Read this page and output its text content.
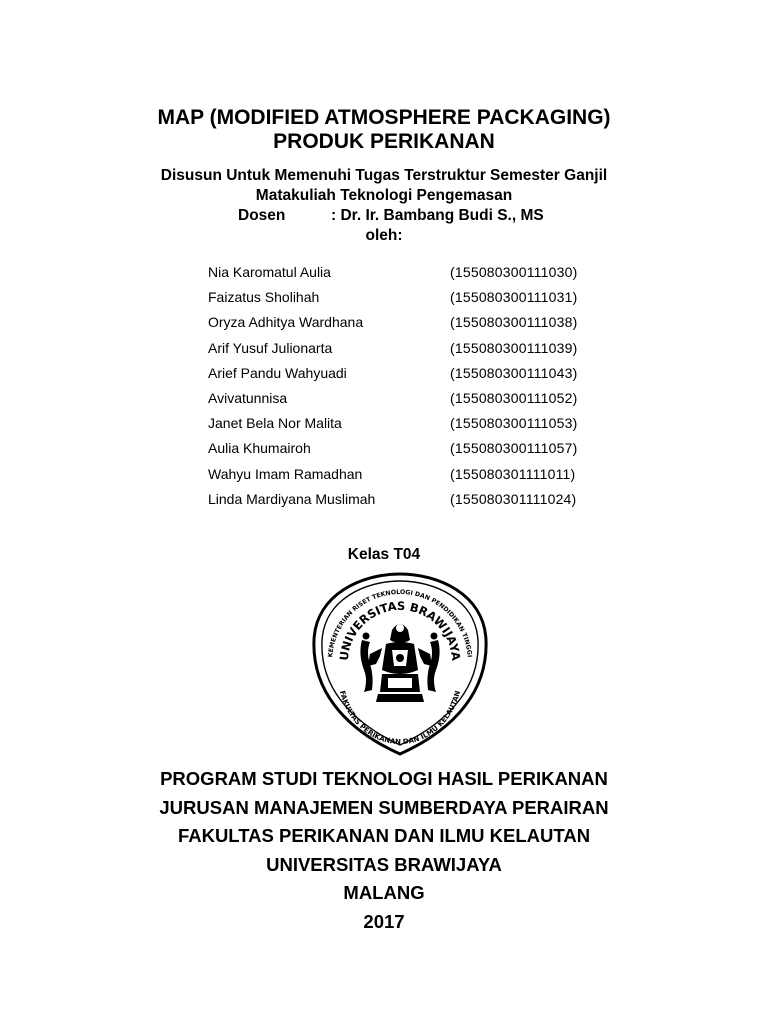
MAP (MODIFIED ATMOSPHERE PACKAGING)
PRODUK PERIKANAN
Disusun Untuk Memenuhi Tugas Terstruktur Semester Ganjil
Matakuliah Teknologi Pengemasan
Dosen	: Dr. Ir. Bambang Budi S., MS
oleh:
Nia Karomatul Aulia	(155080300111030)
Faizatus Sholihah	(155080300111031)
Oryza Adhitya Wardhana	(155080300111038)
Arif Yusuf Julionarta	(155080300111039)
Arief Pandu Wahyuadi	(155080300111043)
Avivatunnisa	(155080300111052)
Janet Bela Nor Malita	(155080300111053)
Aulia Khumairoh	(155080300111057)
Wahyu Imam Ramadhan	(155080301111011)
Linda Mardiyana Muslimah	(155080301111024)
Kelas T04
KEMENTERIAN RISET TEKNOLOGI DAN PENDIDIKAN TINGGI
UNIVERSITAS BRAWIJAYA
FAKULTAS PERIKANAN DAN ILMU KELAUTAN
PROGRAM STUDI TEKNOLOGI HASIL PERIKANAN
JURUSAN MANAJEMEN SUMBERDAYA PERAIRAN
FAKULTAS PERIKANAN DAN ILMU KELAUTAN
UNIVERSITAS BRAWIJAYA
MALANG
2017
